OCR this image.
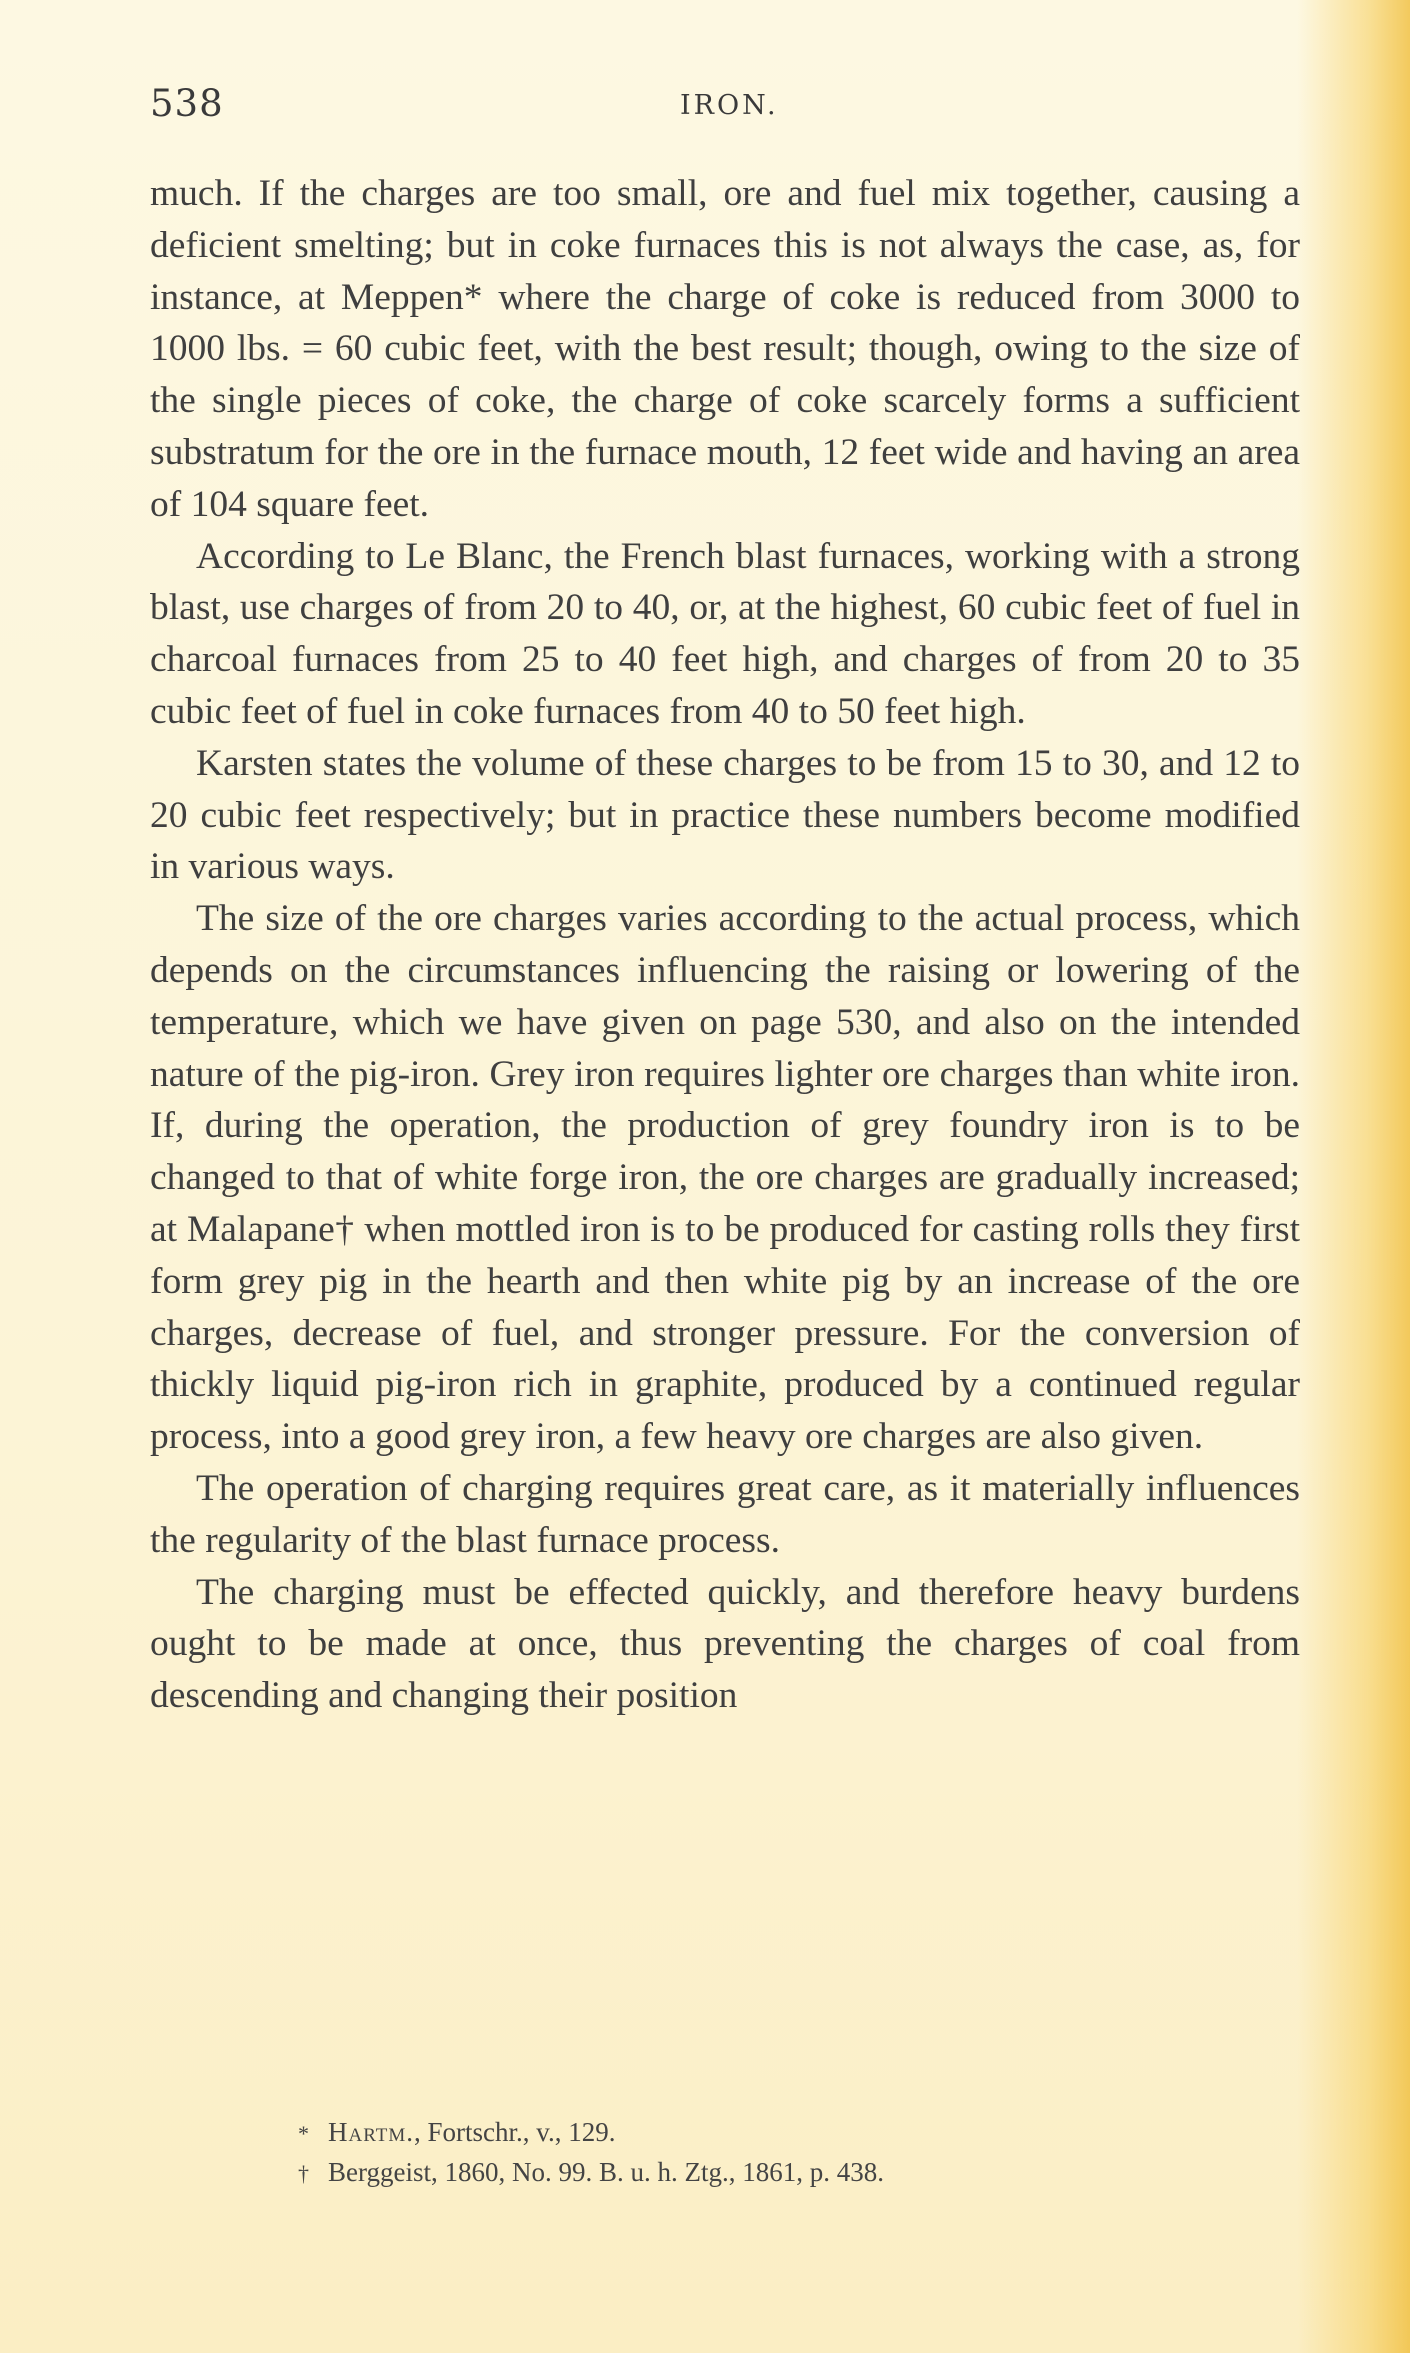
538	IRON.

much. If the charges are too small, ore and fuel mix together, causing a deficient smelting; but in coke furnaces this is not always the case, as, for instance, at Meppen* where the charge of coke is reduced from 3000 to 1000 lbs. = 60 cubic feet, with the best result; though, owing to the size of the single pieces of coke, the charge of coke scarcely forms a sufficient substratum for the ore in the furnace mouth, 12 feet wide and having an area of 104 square feet.

According to Le Blanc, the French blast furnaces, working with a strong blast, use charges of from 20 to 40, or, at the highest, 60 cubic feet of fuel in charcoal furnaces from 25 to 40 feet high, and charges of from 20 to 35 cubic feet of fuel in coke furnaces from 40 to 50 feet high.

Karsten states the volume of these charges to be from 15 to 30, and 12 to 20 cubic feet respectively; but in practice these numbers become modified in various ways.

The size of the ore charges varies according to the actual process, which depends on the circumstances influencing the raising or lowering of the temperature, which we have given on page 530, and also on the intended nature of the pig-iron. Grey iron requires lighter ore charges than white iron. If, during the operation, the production of grey foundry iron is to be changed to that of white forge iron, the ore charges are gradually increased; at Malapane† when mottled iron is to be produced for casting rolls they first form grey pig in the hearth and then white pig by an increase of the ore charges, decrease of fuel, and stronger pressure. For the conversion of thickly liquid pig-iron rich in graphite, produced by a continued regular process, into a good grey iron, a few heavy ore charges are also given.

The operation of charging requires great care, as it materially influences the regularity of the blast furnace process.

The charging must be effected quickly, and therefore heavy burdens ought to be made at once, thus preventing the charges of coal from descending and changing their position

* Hartm., Fortschr., v., 129.

† Berggeist, 1860, No. 99. B. u. h. Ztg., 1861, p. 438.
